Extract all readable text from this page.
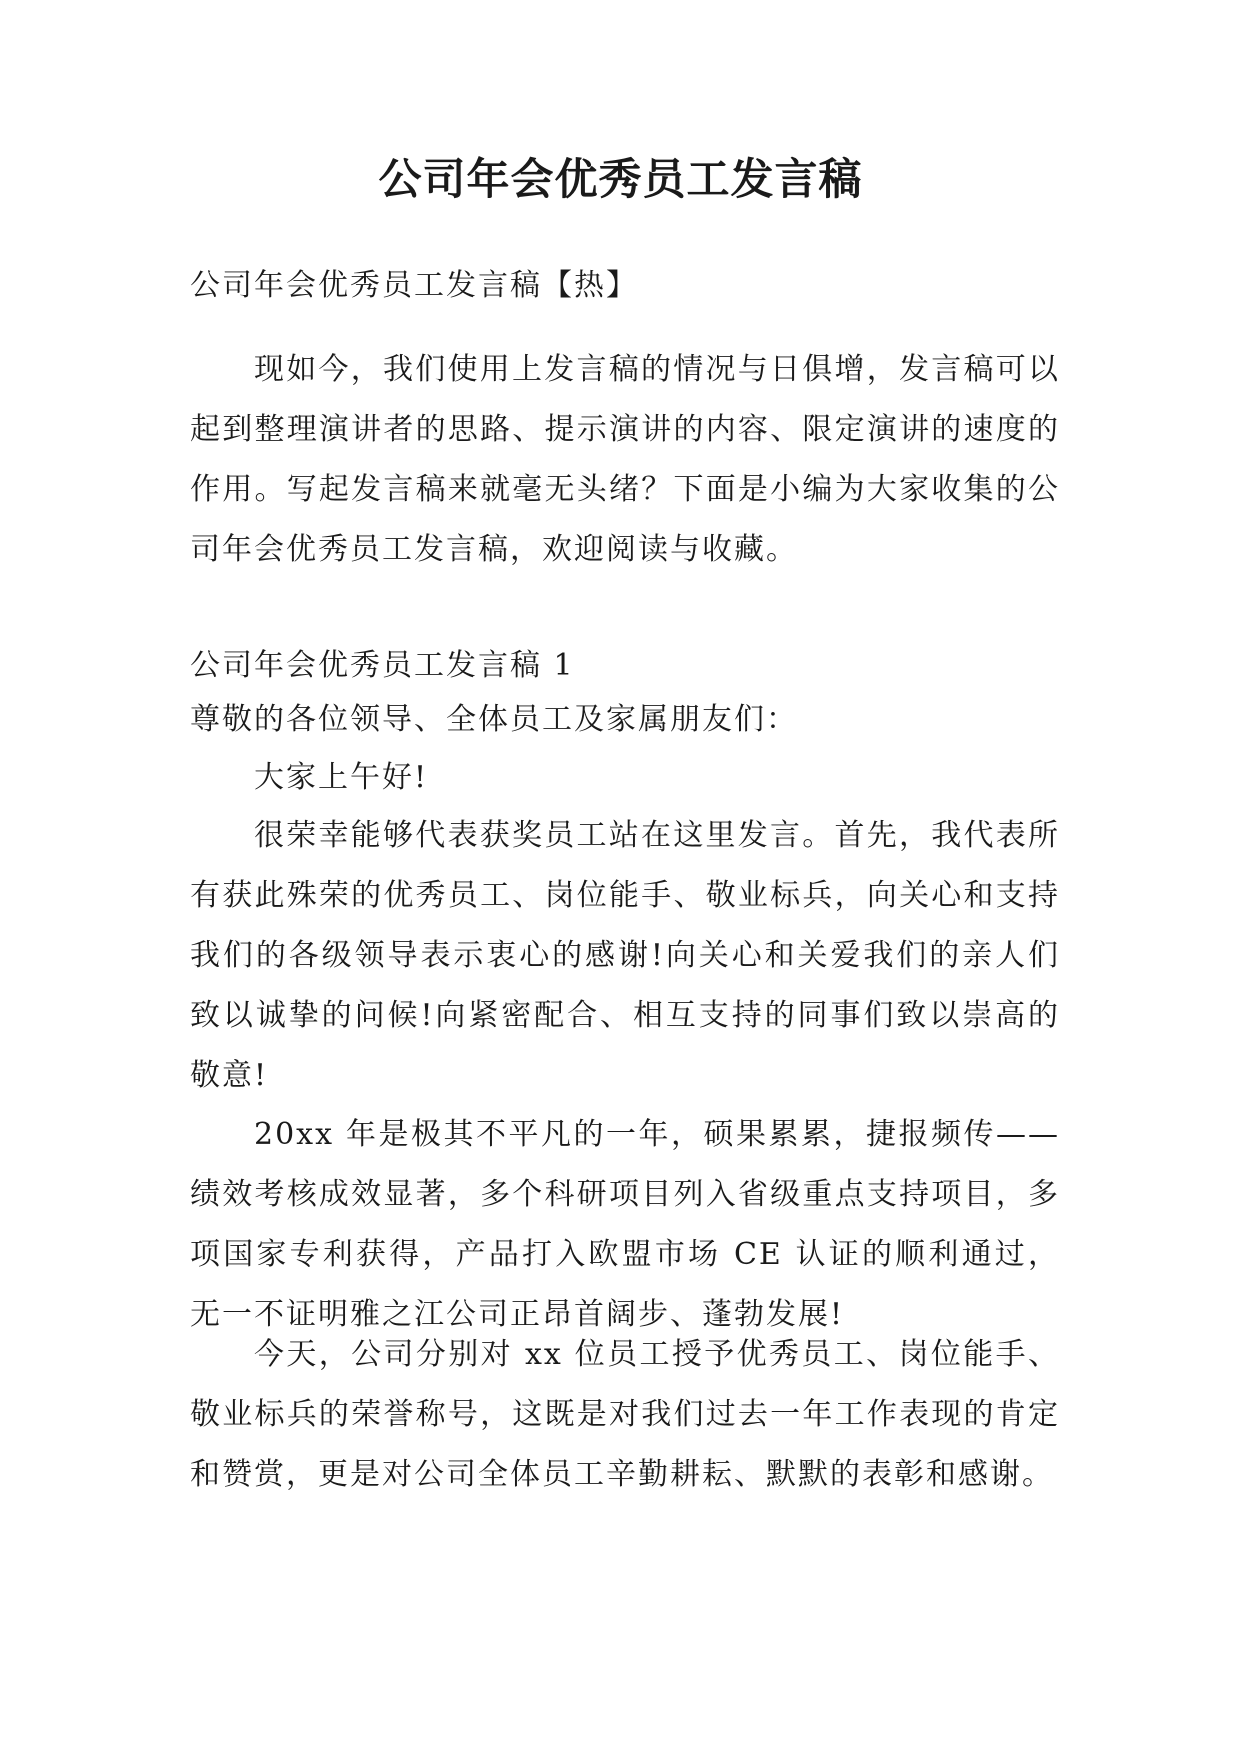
公司年会优秀员工发言稿

公司年会优秀员工发言稿【热】

现如今，我们使用上发言稿的情况与日俱增，发言稿可以起到整理演讲者的思路、提示演讲的内容、限定演讲的速度的作用。写起发言稿来就毫无头绪？下面是小编为大家收集的公司年会优秀员工发言稿，欢迎阅读与收藏。

公司年会优秀员工发言稿 1

尊敬的各位领导、全体员工及家属朋友们：

大家上午好!

很荣幸能够代表获奖员工站在这里发言。首先，我代表所有获此殊荣的优秀员工、岗位能手、敬业标兵，向关心和支持我们的各级领导表示衷心的感谢!向关心和关爱我们的亲人们致以诚挚的问候!向紧密配合、相互支持的同事们致以崇高的敬意!

20xx 年是极其不平凡的一年，硕果累累，捷报频传——绩效考核成效显著，多个科研项目列入省级重点支持项目，多项国家专利获得，产品打入欧盟市场 CE 认证的顺利通过，无一不证明雅之江公司正昂首阔步、蓬勃发展!

今天，公司分别对 xx 位员工授予优秀员工、岗位能手、敬业标兵的荣誉称号，这既是对我们过去一年工作表现的肯定和赞赏，更是对公司全体员工辛勤耕耘、默默的表彰和感谢。
